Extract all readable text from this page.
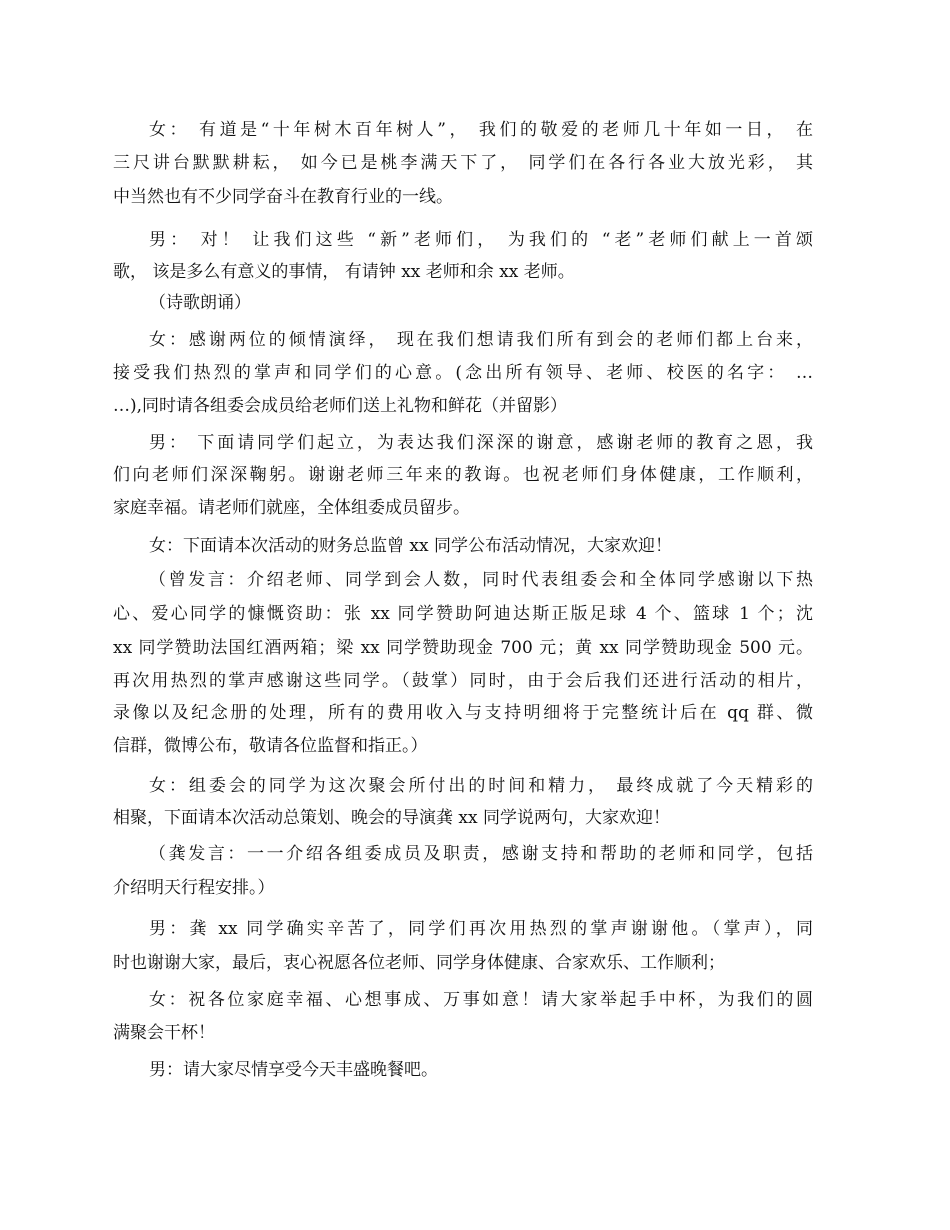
女： 有道是“十年树木百年树人”， 我们的敬爱的老师几十年如一日， 在
三尺讲台默默耕耘， 如今已是桃李满天下了， 同学们在各行各业大放光彩， 其
中当然也有不少同学奋斗在教育行业的一线。
男： 对！ 让我们这些 “新”老师们， 为我们的 “老”老师们献上一首颂
歌， 该是多么有意义的事情， 有请钟 xx 老师和余 xx 老师。
（诗歌朗诵）
女：感谢两位的倾情演绎， 现在我们想请我们所有到会的老师们都上台来，
接受我们热烈的掌声和同学们的心意。(念出所有领导、老师、校医的名字： …
…),同时请各组委会成员给老师们送上礼物和鲜花（并留影）
男： 下面请同学们起立，为表达我们深深的谢意，感谢老师的教育之恩，我
们向老师们深深鞠躬。谢谢老师三年来的教诲。也祝老师们身体健康，工作顺利，
家庭幸福。请老师们就座，全体组委成员留步。
女：下面请本次活动的财务总监曾 xx 同学公布活动情况，大家欢迎！
（曾发言：介绍老师、同学到会人数，同时代表组委会和全体同学感谢以下热
心、爱心同学的慷慨资助：张 xx 同学赞助阿迪达斯正版足球 4 个、篮球 1 个；沈
xx 同学赞助法国红酒两箱；梁 xx 同学赞助现金 700 元；黄 xx 同学赞助现金 500 元。
再次用热烈的掌声感谢这些同学。（鼓掌）同时，由于会后我们还进行活动的相片，
录像以及纪念册的处理，所有的费用收入与支持明细将于完整统计后在 qq 群、微
信群，微博公布，敬请各位监督和指正。）
女：组委会的同学为这次聚会所付出的时间和精力， 最终成就了今天精彩的
相聚，下面请本次活动总策划、晚会的导演龚 xx 同学说两句，大家欢迎！
（龚发言：一一介绍各组委成员及职责，感谢支持和帮助的老师和同学，包括
介绍明天行程安排。）
男：龚 xx 同学确实辛苦了，同学们再次用热烈的掌声谢谢他。（掌声），同
时也谢谢大家，最后，衷心祝愿各位老师、同学身体健康、合家欢乐、工作顺利；
女：祝各位家庭幸福、心想事成、万事如意！请大家举起手中杯，为我们的圆
满聚会干杯！
男：请大家尽情享受今天丰盛晚餐吧。
